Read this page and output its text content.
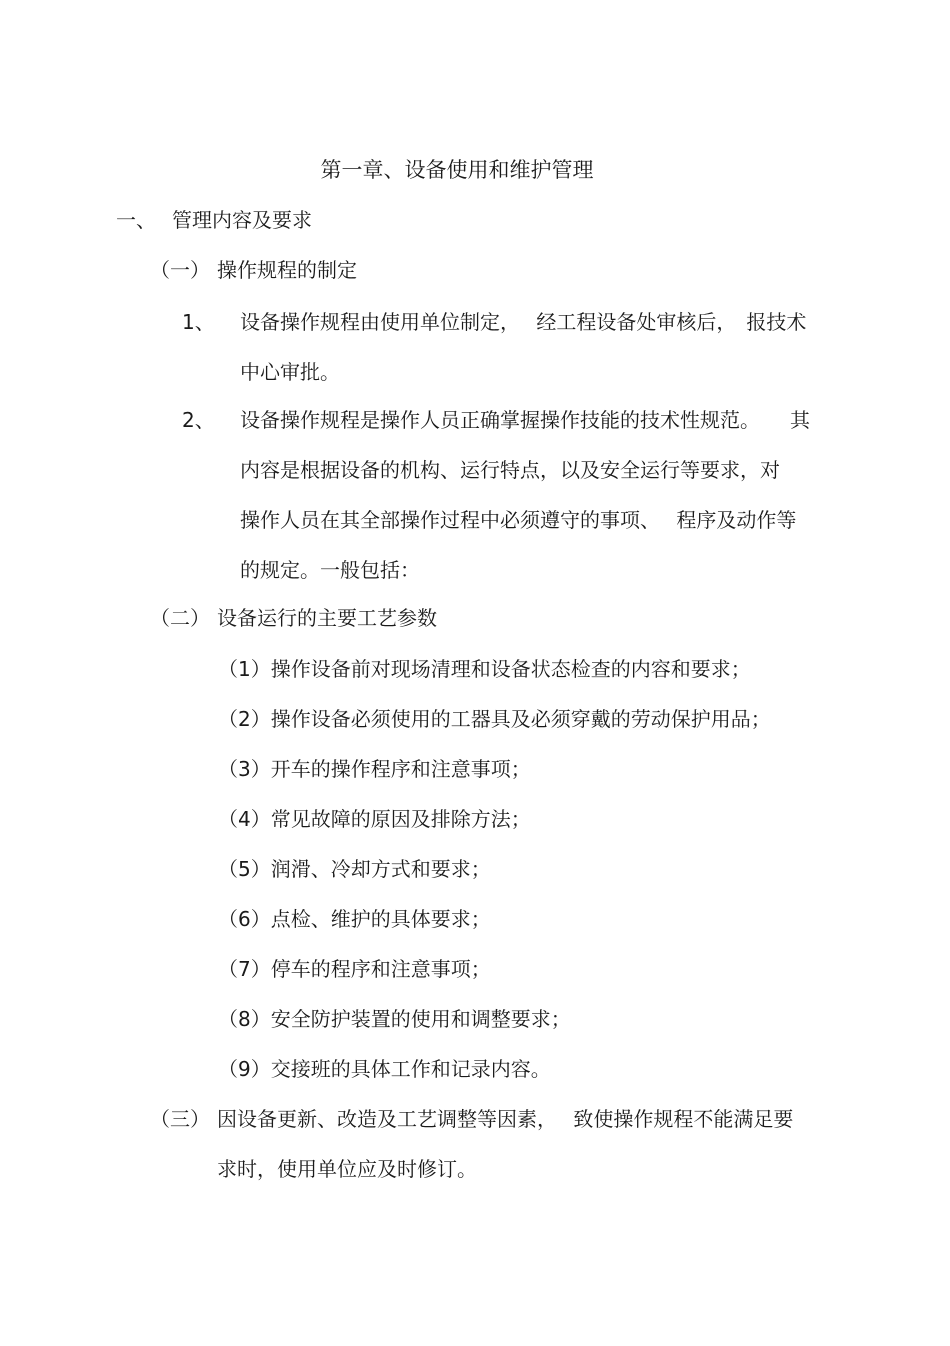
第一章、设备使用和维护管理
一、 管理内容及要求

（一） 操作规程的制定

1、 设备操作规程由使用单位制定，　 经工程设备处审核后，　报技术

中心审批。

2、 设备操作规程是操作人员正确掌握操作技能的技术性规范。　　其

内容是根据设备的机构、运行特点，以及安全运行等要求，对

操作人员在其全部操作过程中必须遵守的事项、　 程序及动作等

的规定。一般包括：

（二） 设备运行的主要工艺参数

（1）操作设备前对现场清理和设备状态检查的内容和要求；

（2）操作设备必须使用的工器具及必须穿戴的劳动保护用品；

（3）开车的操作程序和注意事项；

（4）常见故障的原因及排除方法；

（5）润滑、冷却方式和要求；

（6）点检、维护的具体要求；

（7）停车的程序和注意事项；

（8）安全防护装置的使用和调整要求；

（9）交接班的具体工作和记录内容。

（三） 因设备更新、改造及工艺调整等因素，　 致使操作规程不能满足要

求时，使用单位应及时修订。
